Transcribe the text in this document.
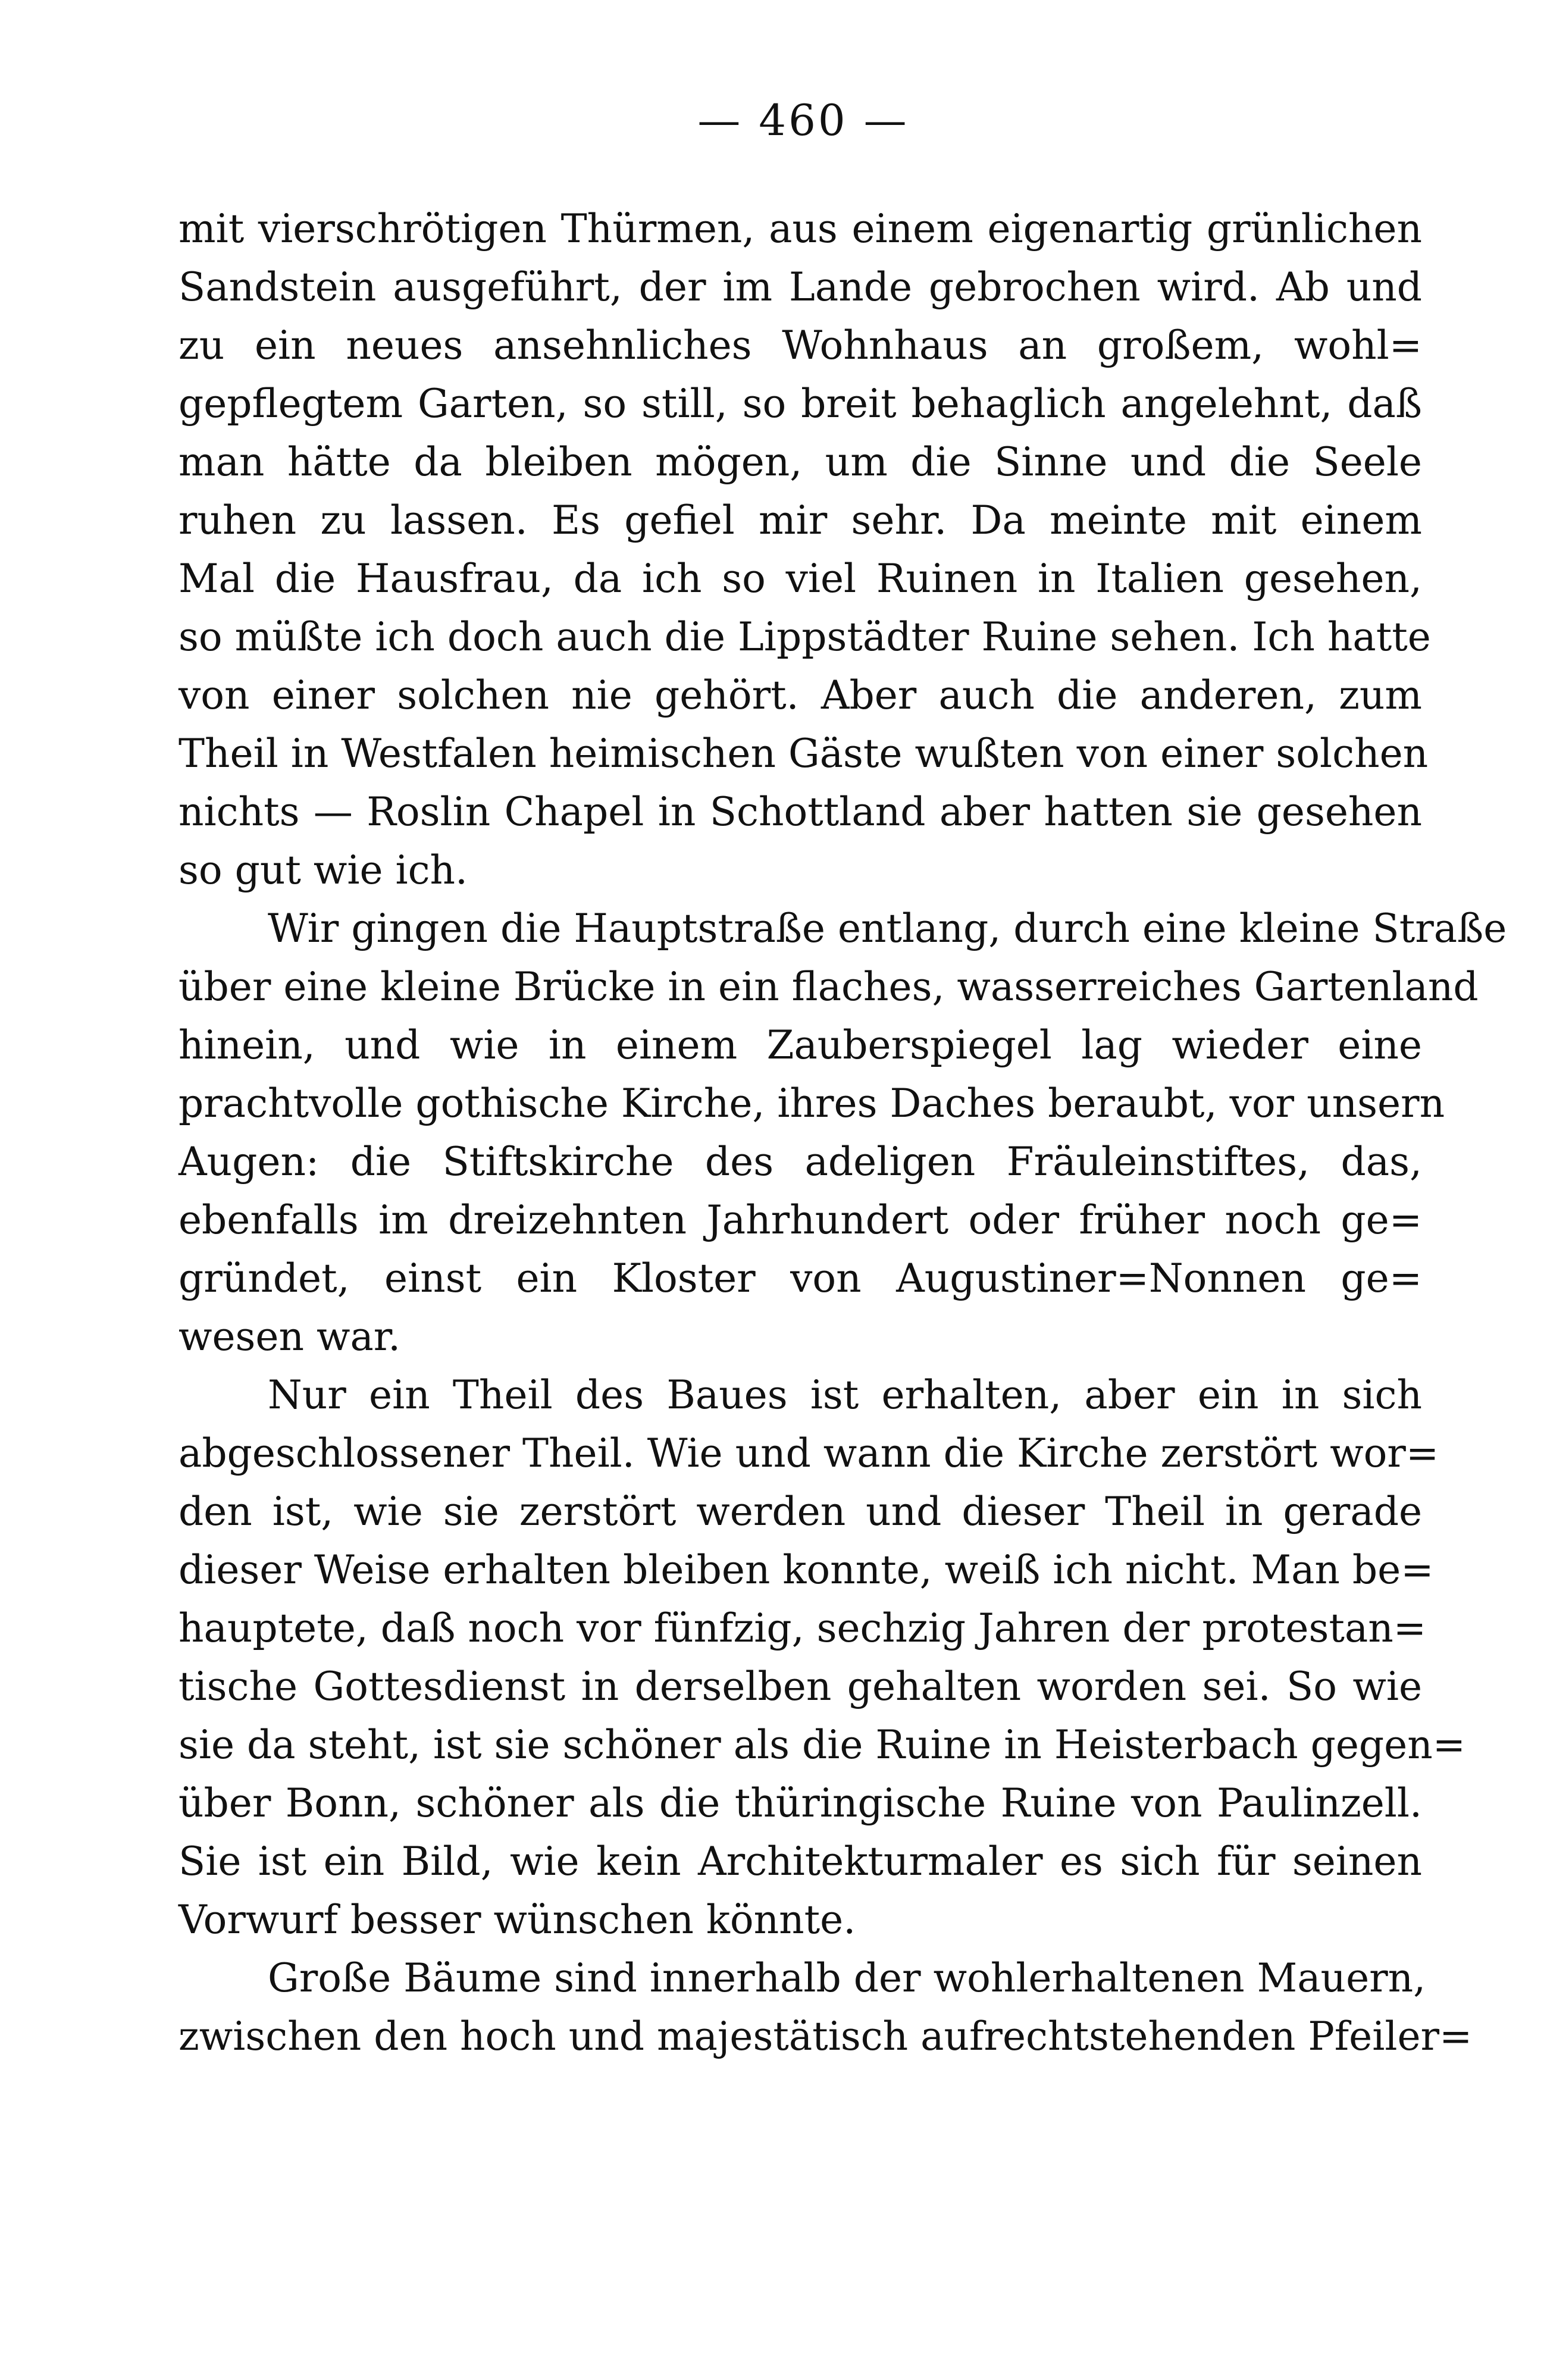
— 460 —
mit vierschrötigen Thürmen, aus einem eigenartig grünlichen
Sandstein ausgeführt, der im Lande gebrochen wird. Ab und
zu ein neues ansehnliches Wohnhaus an großem, wohl=
gepflegtem Garten, so still, so breit behaglich angelehnt, daß
man hätte da bleiben mögen, um die Sinne und die Seele
ruhen zu lassen. Es gefiel mir sehr. Da meinte mit einem
Mal die Hausfrau, da ich so viel Ruinen in Italien gesehen,
so müßte ich doch auch die Lippstädter Ruine sehen. Ich hatte
von einer solchen nie gehört. Aber auch die anderen, zum
Theil in Westfalen heimischen Gäste wußten von einer solchen
nichts — Roslin Chapel in Schottland aber hatten sie gesehen
so gut wie ich.
Wir gingen die Hauptstraße entlang, durch eine kleine Straße
über eine kleine Brücke in ein flaches, wasserreiches Gartenland
hinein, und wie in einem Zauberspiegel lag wieder eine
prachtvolle gothische Kirche, ihres Daches beraubt, vor unsern
Augen: die Stiftskirche des adeligen Fräuleinstiftes, das,
ebenfalls im dreizehnten Jahrhundert oder früher noch ge=
gründet, einst ein Kloster von Augustiner=Nonnen ge=
wesen war.
Nur ein Theil des Baues ist erhalten, aber ein in sich
abgeschlossener Theil. Wie und wann die Kirche zerstört wor=
den ist, wie sie zerstört werden und dieser Theil in gerade
dieser Weise erhalten bleiben konnte, weiß ich nicht. Man be=
hauptete, daß noch vor fünfzig, sechzig Jahren der protestan=
tische Gottesdienst in derselben gehalten worden sei. So wie
sie da steht, ist sie schöner als die Ruine in Heisterbach gegen=
über Bonn, schöner als die thüringische Ruine von Paulinzell.
Sie ist ein Bild, wie kein Architekturmaler es sich für seinen
Vorwurf besser wünschen könnte.
Große Bäume sind innerhalb der wohlerhaltenen Mauern,
zwischen den hoch und majestätisch aufrechtstehenden Pfeiler=
